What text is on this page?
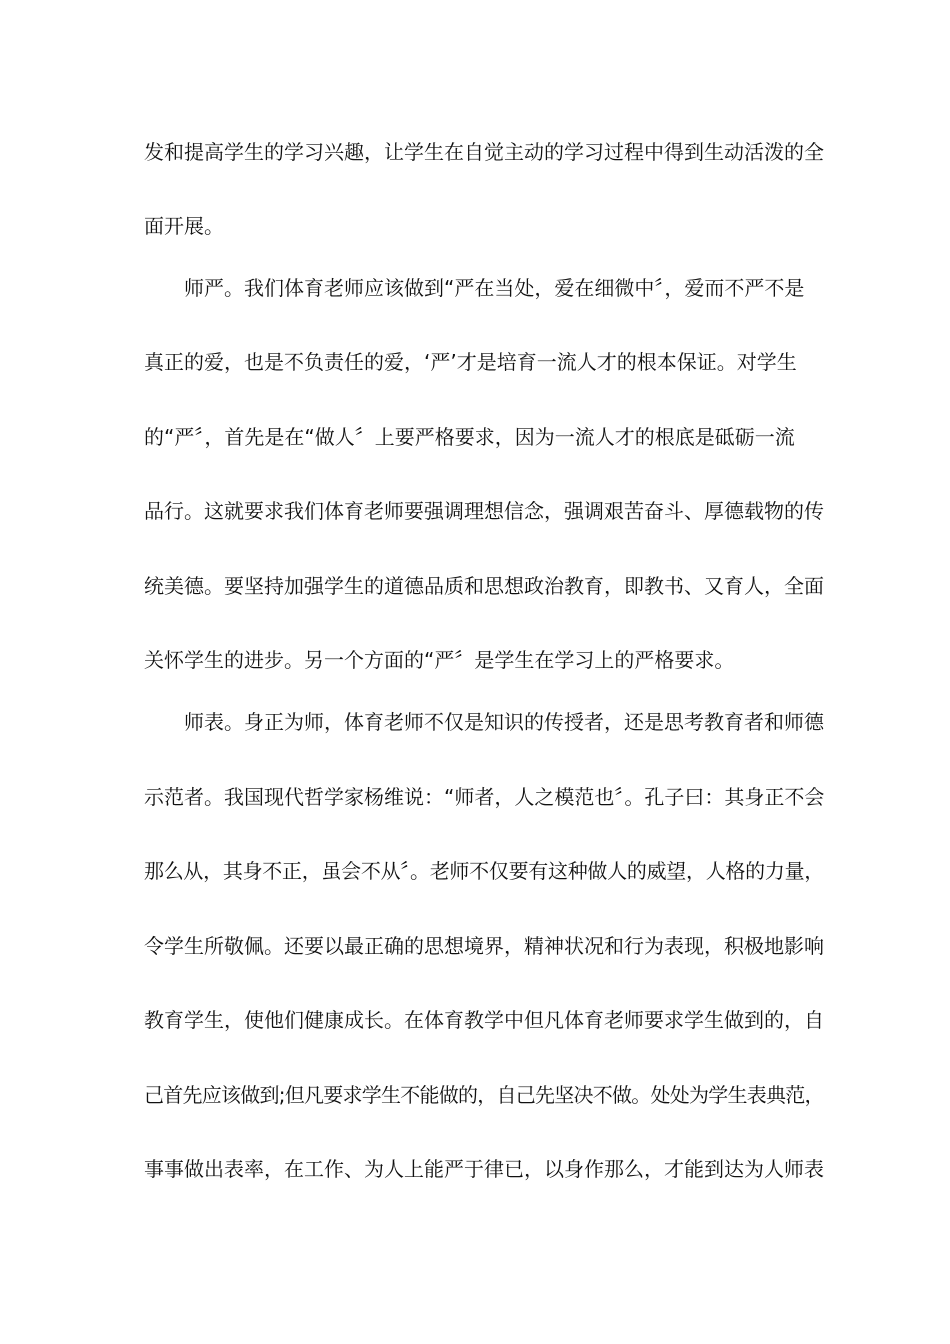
发和提高学生的学习兴趣，让学生在自觉主动的学习过程中得到生动活泼的全
面开展。
师严。我们体育老师应该做到“严在当处，爱在细微中〞，爱而不严不是
真正的爱，也是不负责任的爱，‘严’才是培育一流人才的根本保证。对学生
的“严〞，首先是在“做人〞上要严格要求，因为一流人才的根底是砥砺一流
品行。这就要求我们体育老师要强调理想信念，强调艰苦奋斗、厚德载物的传
统美德。要坚持加强学生的道德品质和思想政治教育，即教书、又育人，全面
关怀学生的进步。另一个方面的“严〞是学生在学习上的严格要求。
师表。身正为师，体育老师不仅是知识的传授者，还是思考教育者和师德
示范者。我国现代哲学家杨维说：“师者，人之模范也〞。孔子曰：其身正不会
那么从，其身不正，虽会不从〞。老师不仅要有这种做人的威望，人格的力量，
令学生所敬佩。还要以最正确的思想境界，精神状况和行为表现，积极地影响
教育学生，使他们健康成长。在体育教学中但凡体育老师要求学生做到的，自
己首先应该做到;但凡要求学生不能做的，自己先坚决不做。处处为学生表典范，
事事做出表率，在工作、为人上能严于律已，以身作那么，才能到达为人师表
